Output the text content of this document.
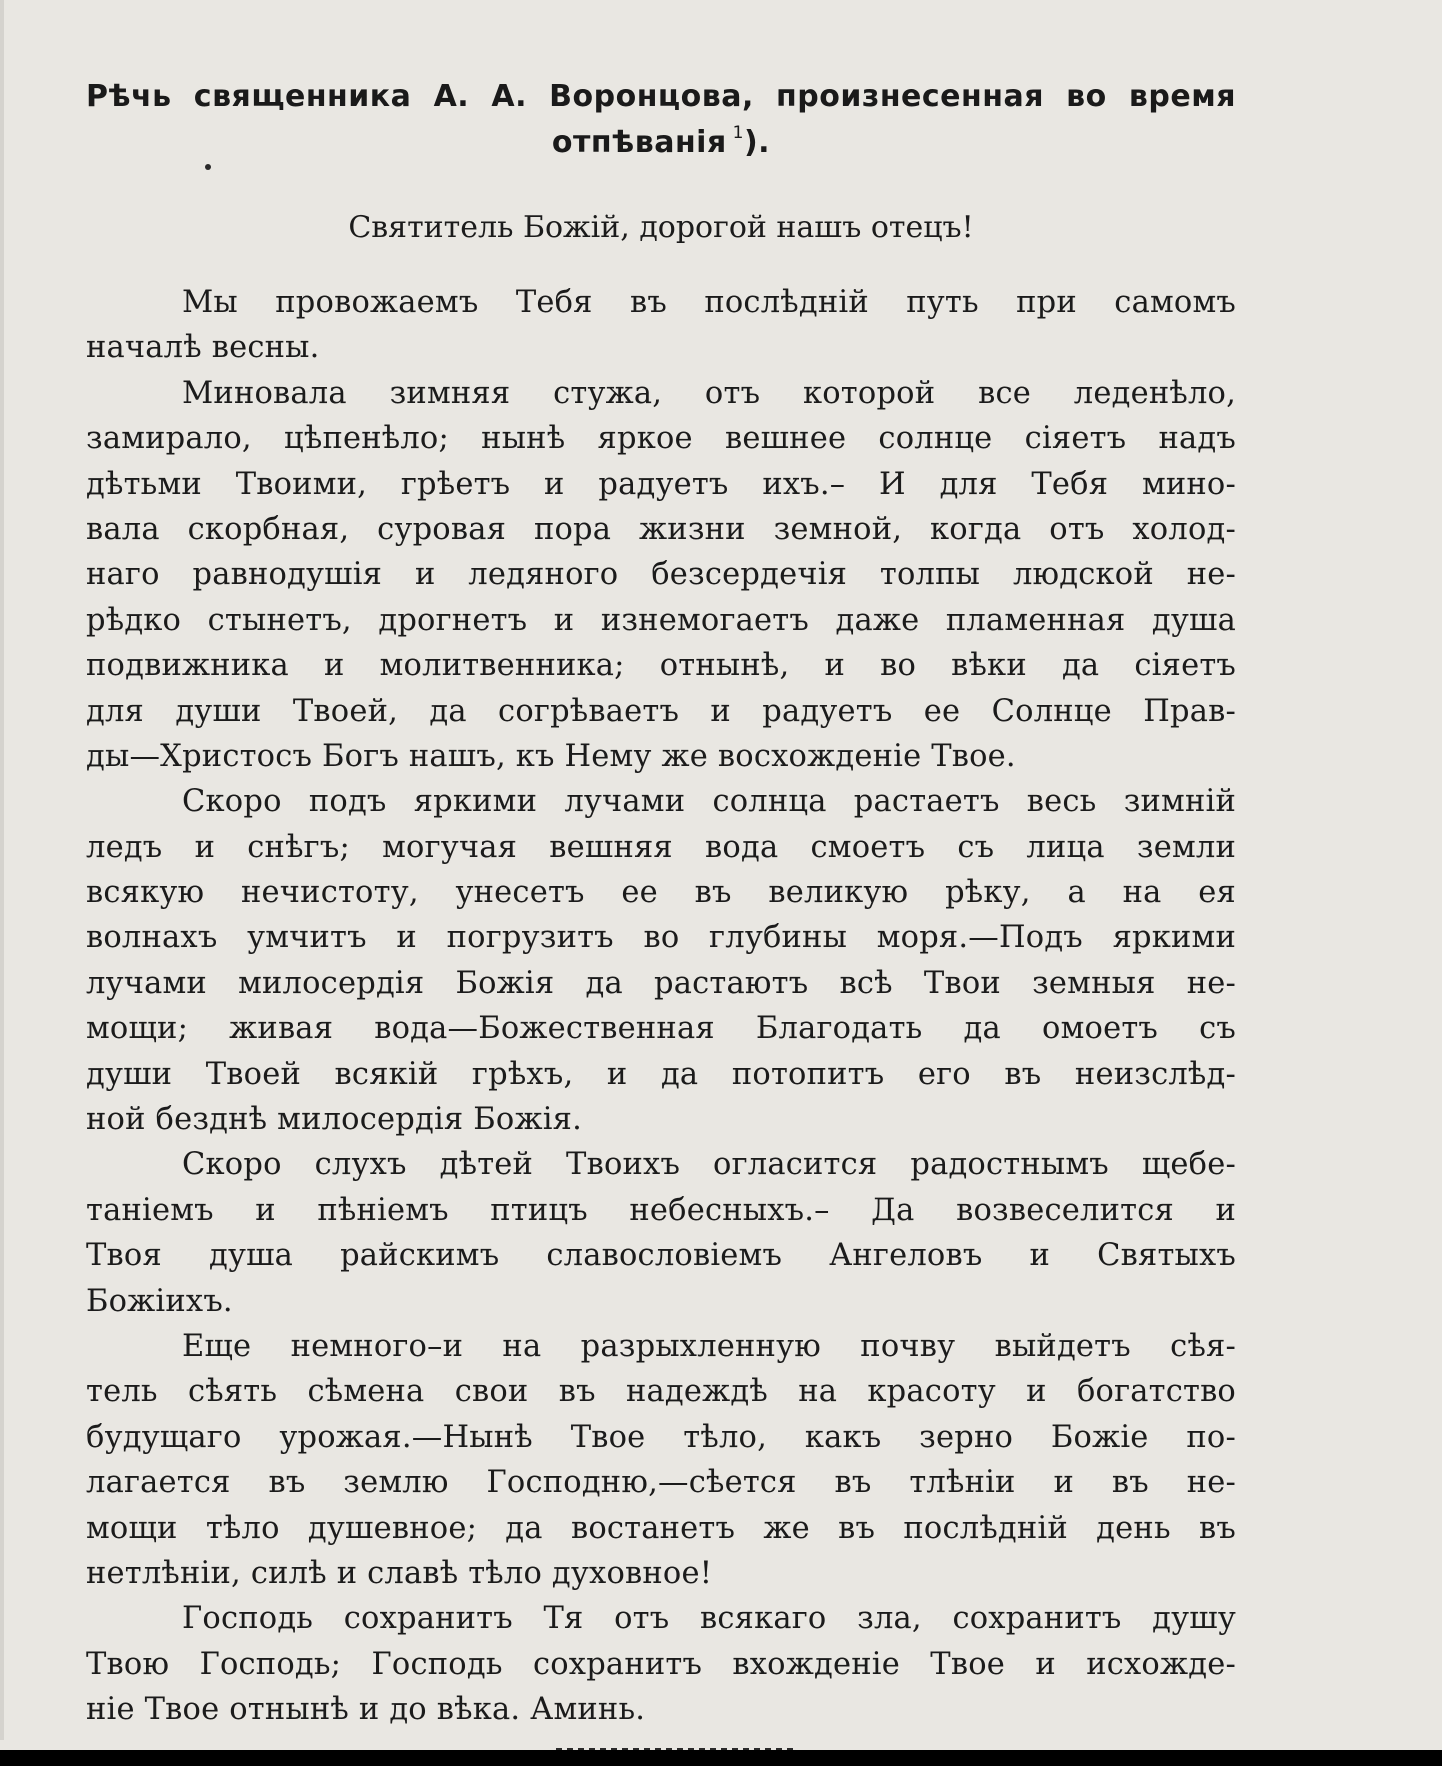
Рѣчь священника А. А. Воронцова, произнесенная во время
отпѣванія $^1$).
Святитель Божій, дорогой нашъ отецъ!
Мы провожаемъ Тебя въ послѣдній путь при самомъ
началѣ весны.
Миновала зимняя стужа, отъ которой все леденѣло,
замирало, цѣпенѣло; нынѣ яркое вешнее солнце сіяетъ надъ
дѣтьми Твоими, грѣетъ и радуетъ ихъ.– И для Тебя мино-
вала скорбная, суровая пора жизни земной, когда отъ холод-
наго равнодушія и ледяного безсердечія толпы людской не-
рѣдко стынетъ, дрогнетъ и изнемогаетъ даже пламенная душа
подвижника и молитвенника; отнынѣ, и во вѣки да сіяетъ
для души Твоей, да согрѣваетъ и радуетъ ее Солнце Прав-
ды—Христосъ Богъ нашъ, къ Нему же восхожденіе Твое.
Скоро подъ яркими лучами солнца растаетъ весь зимній
ледъ и снѣгъ; могучая вешняя вода смоетъ съ лица земли
всякую нечистоту, унесетъ ее въ великую рѣку, а на ея
волнахъ умчитъ и погрузитъ во глубины моря.—Подъ яркими
лучами милосердія Божія да растаютъ всѣ Твои земныя не-
мощи; живая вода—Божественная Благодать да омоетъ съ
души Твоей всякій грѣхъ, и да потопитъ его въ неизслѣд-
ной безднѣ милосердія Божія.
Скоро слухъ дѣтей Твоихъ огласится радостнымъ щебе-
таніемъ и пѣніемъ птицъ небесныхъ.– Да возвеселится и
Твоя душа райскимъ славословіемъ Ангеловъ и Святыхъ
Божіихъ.
Еще немного–и на разрыхленную почву выйдетъ сѣя-
тель сѣять сѣмена свои въ надеждѣ на красоту и богатство
будущаго урожая.—Нынѣ Твое тѣло, какъ зерно Божіе по-
лагается въ землю Господню,—сѣется въ тлѣніи и въ не-
мощи тѣло душевное; да востанетъ же въ послѣдній день въ
нетлѣніи, силѣ и славѣ тѣло духовное!
Господь сохранитъ Тя отъ всякаго зла, сохранитъ душу
Твою Господь; Господь сохранитъ вхожденіе Твое и исхожде-
ніе Твое отнынѣ и до вѣка. Аминь.
